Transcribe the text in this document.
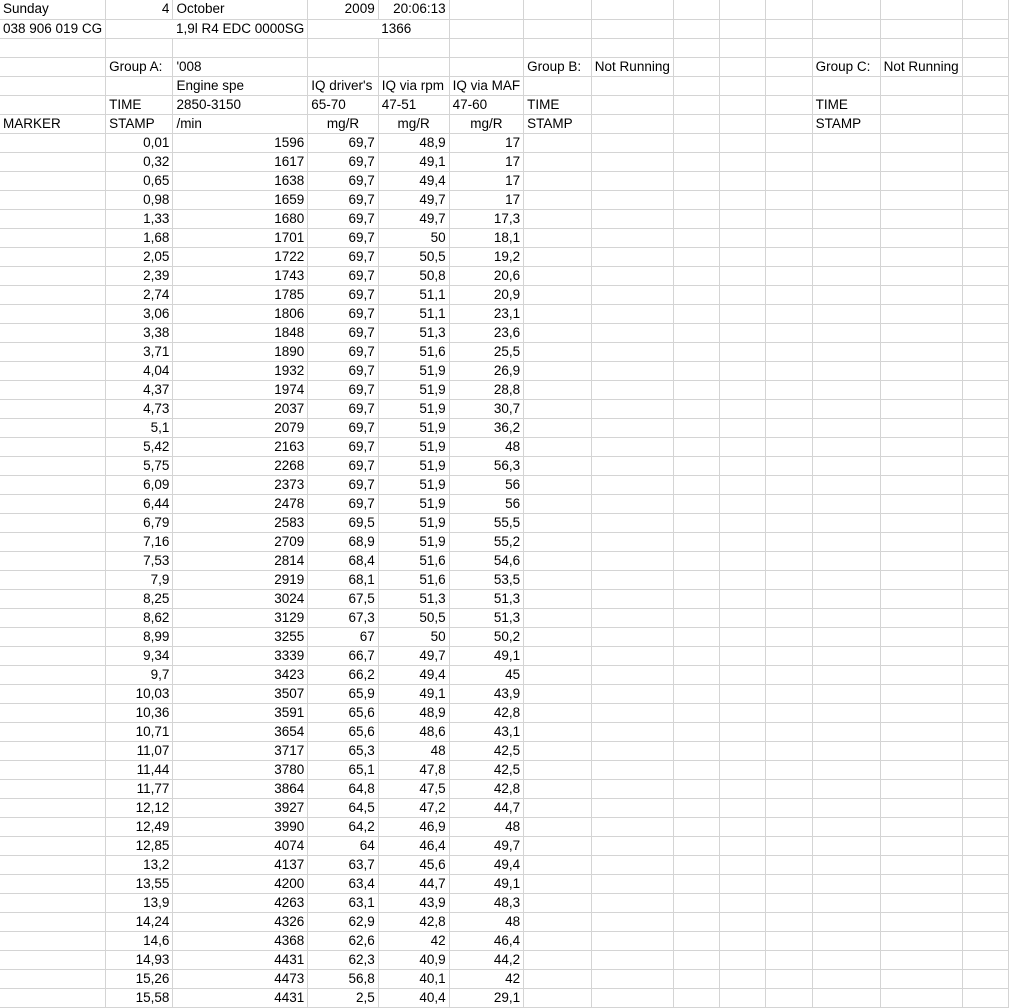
Sunday	4	October	2009	20:06:13									
038 906 019 CG		1,9l R4 EDC 0000SG		1366									

	Group A:	'008				Group B:	Not Running				Group C:	Not Running	
		Engine spe	IQ driver's	IQ via rpm	IQ via MAF								
	TIME	2850-3150	65-70	47-51	47-60	TIME					TIME		
MARKER	STAMP	/min	mg/R	mg/R	mg/R	STAMP					STAMP		
	0,01	1596	69,7	48,9	17								
	0,32	1617	69,7	49,1	17								
	0,65	1638	69,7	49,4	17								
	0,98	1659	69,7	49,7	17								
	1,33	1680	69,7	49,7	17,3								
	1,68	1701	69,7	50	18,1								
	2,05	1722	69,7	50,5	19,2								
	2,39	1743	69,7	50,8	20,6								
	2,74	1785	69,7	51,1	20,9								
	3,06	1806	69,7	51,1	23,1								
	3,38	1848	69,7	51,3	23,6								
	3,71	1890	69,7	51,6	25,5								
	4,04	1932	69,7	51,9	26,9								
	4,37	1974	69,7	51,9	28,8								
	4,73	2037	69,7	51,9	30,7								
	5,1	2079	69,7	51,9	36,2								
	5,42	2163	69,7	51,9	48								
	5,75	2268	69,7	51,9	56,3								
	6,09	2373	69,7	51,9	56								
	6,44	2478	69,7	51,9	56								
	6,79	2583	69,5	51,9	55,5								
	7,16	2709	68,9	51,9	55,2								
	7,53	2814	68,4	51,6	54,6								
	7,9	2919	68,1	51,6	53,5								
	8,25	3024	67,5	51,3	51,3								
	8,62	3129	67,3	50,5	51,3								
	8,99	3255	67	50	50,2								
	9,34	3339	66,7	49,7	49,1								
	9,7	3423	66,2	49,4	45								
	10,03	3507	65,9	49,1	43,9								
	10,36	3591	65,6	48,9	42,8								
	10,71	3654	65,6	48,6	43,1								
	11,07	3717	65,3	48	42,5								
	11,44	3780	65,1	47,8	42,5								
	11,77	3864	64,8	47,5	42,8								
	12,12	3927	64,5	47,2	44,7								
	12,49	3990	64,2	46,9	48								
	12,85	4074	64	46,4	49,7								
	13,2	4137	63,7	45,6	49,4								
	13,55	4200	63,4	44,7	49,1								
	13,9	4263	63,1	43,9	48,3								
	14,24	4326	62,9	42,8	48								
	14,6	4368	62,6	42	46,4								
	14,93	4431	62,3	40,9	44,2								
	15,26	4473	56,8	40,1	42								
	15,58	4431	2,5	40,4	29,1								
